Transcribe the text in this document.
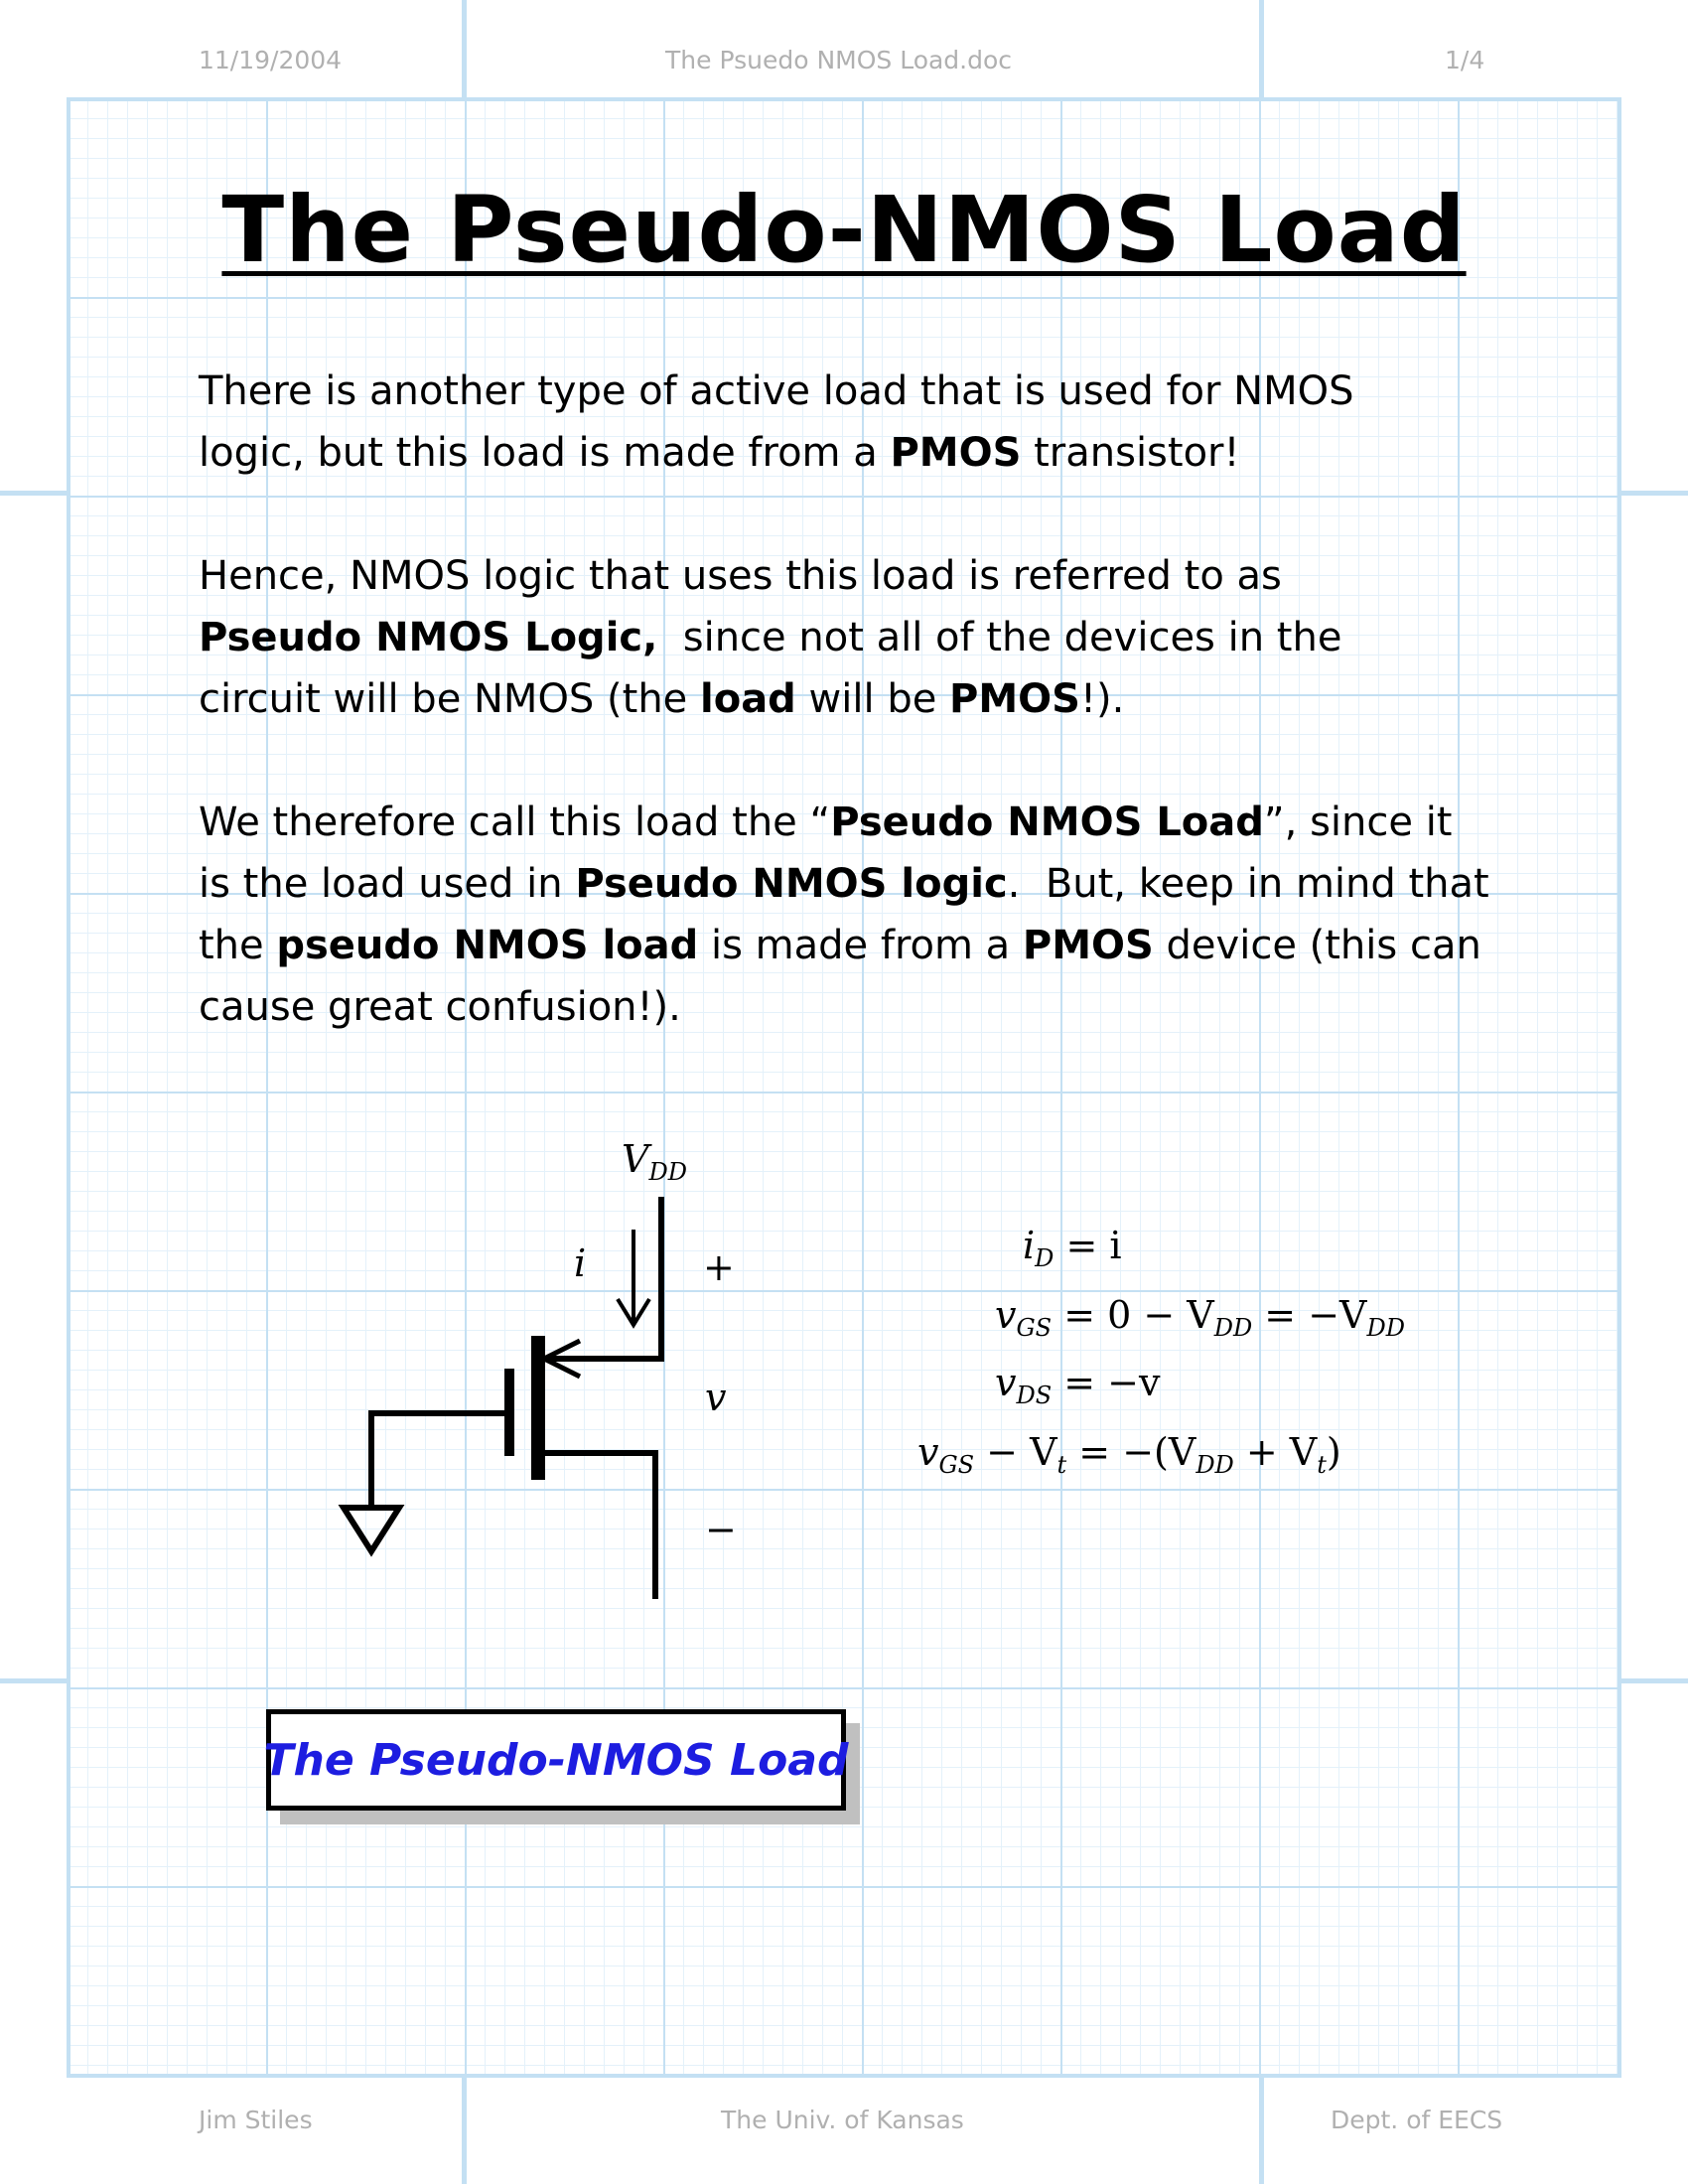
11/19/2004	The Psuedo NMOS Load.doc	1/4
The Pseudo-NMOS Load
There is another type of active load that is used for NMOS
logic, but this load is made from a PMOS transistor!
Hence, NMOS logic that uses this load is referred to as
Pseudo NMOS Logic,  since not all of the devices in the
circuit will be NMOS (the load will be PMOS!).
We therefore call this load the “Pseudo NMOS Load”, since it
is the load used in Pseudo NMOS logic.  But, keep in mind that
the pseudo NMOS load is made from a PMOS device (this can
cause great confusion!).
$V_{DD}$
i	+
v
−
$i_D = i$
$v_{GS} = 0 - V_{DD} = -V_{DD}$
$v_{DS} = -v$
$v_{GS} - V_t = -(V_{DD} + V_t)$
The Pseudo-NMOS Load
Jim Stiles	The Univ. of Kansas	Dept. of EECS
